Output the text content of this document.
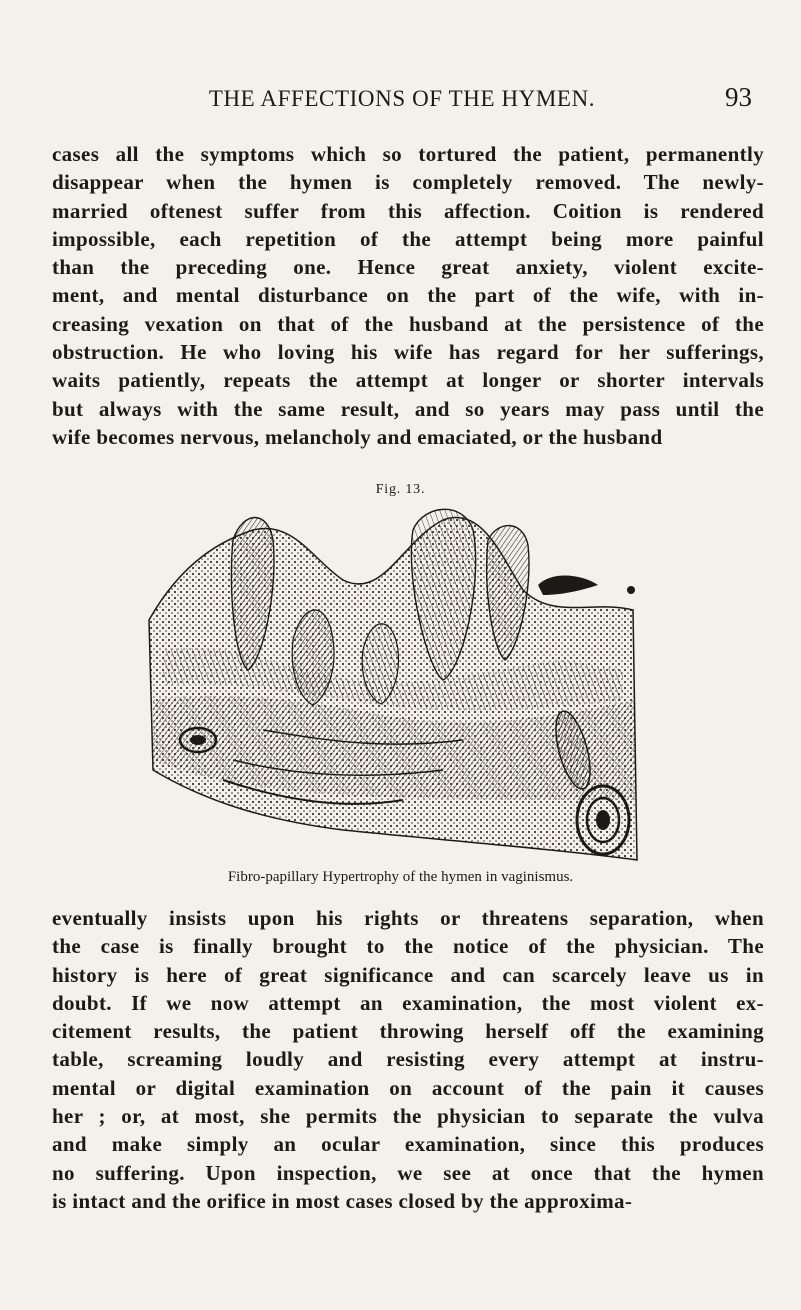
THE AFFECTIONS OF THE HYMEN.	93
cases all the symptoms which so tortured the patient, permanently
disappear when the hymen is completely removed. The newly-
married oftenest suffer from this affection. Coition is rendered
impossible, each repetition of the attempt being more painful
than the preceding one. Hence great anxiety, violent excite-
ment, and mental disturbance on the part of the wife, with in-
creasing vexation on that of the husband at the persistence of the
obstruction. He who loving his wife has regard for her sufferings,
waits patiently, repeats the attempt at longer or shorter intervals
but always with the same result, and so years may pass until the
wife becomes nervous, melancholy and emaciated, or the husband
Fig. 13.
Fibro-papillary Hypertrophy of the hymen in vaginismus.
eventually insists upon his rights or threatens separation, when
the case is finally brought to the notice of the physician. The
history is here of great significance and can scarcely leave us in
doubt. If we now attempt an examination, the most violent ex-
citement results, the patient throwing herself off the examining
table, screaming loudly and resisting every attempt at instru-
mental or digital examination on account of the pain it causes
her ; or, at most, she permits the physician to separate the vulva
and make simply an ocular examination, since this produces
no suffering. Upon inspection, we see at once that the hymen
is intact and the orifice in most cases closed by the approxima-
